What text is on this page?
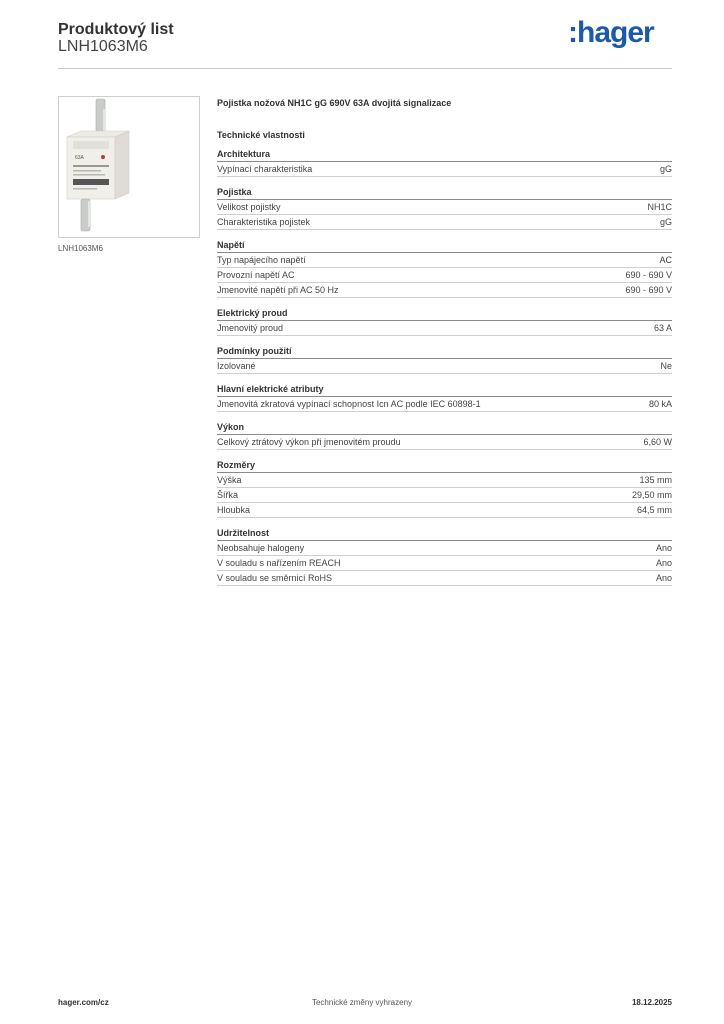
Produktový list
LNH1063M6	:hager
63A
LNH1063M6
Pojistka nožová NH1C gG 690V 63A dvojitá signalizace
Technické vlastnosti
Architektura
Vypínací charakteristika	gG
Pojistka
Velikost pojistky	NH1C
Charakteristika pojistek	gG
Napětí
Typ napájecího napětí	AC
Provozní napětí AC	690 - 690 V
Jmenovité napětí při AC 50 Hz	690 - 690 V
Elektrický proud
Jmenovitý proud	63 A
Podmínky použití
Izolované	Ne
Hlavní elektrické atributy
Jmenovitá zkratová vypínací schopnost Icn AC podle IEC 60898-1	80 kA
Výkon
Celkový ztrátový výkon při jmenovitém proudu	6,60 W
Rozměry
Výška	135 mm
Šířka	29,50 mm
Hloubka	64,5 mm
Udržitelnost
Neobsahuje halogeny	Ano
V souladu s nařízením REACH	Ano
V souladu se směrnicí RoHS	Ano
hager.com/cz	Technické změny vyhrazeny	18.12.2025
